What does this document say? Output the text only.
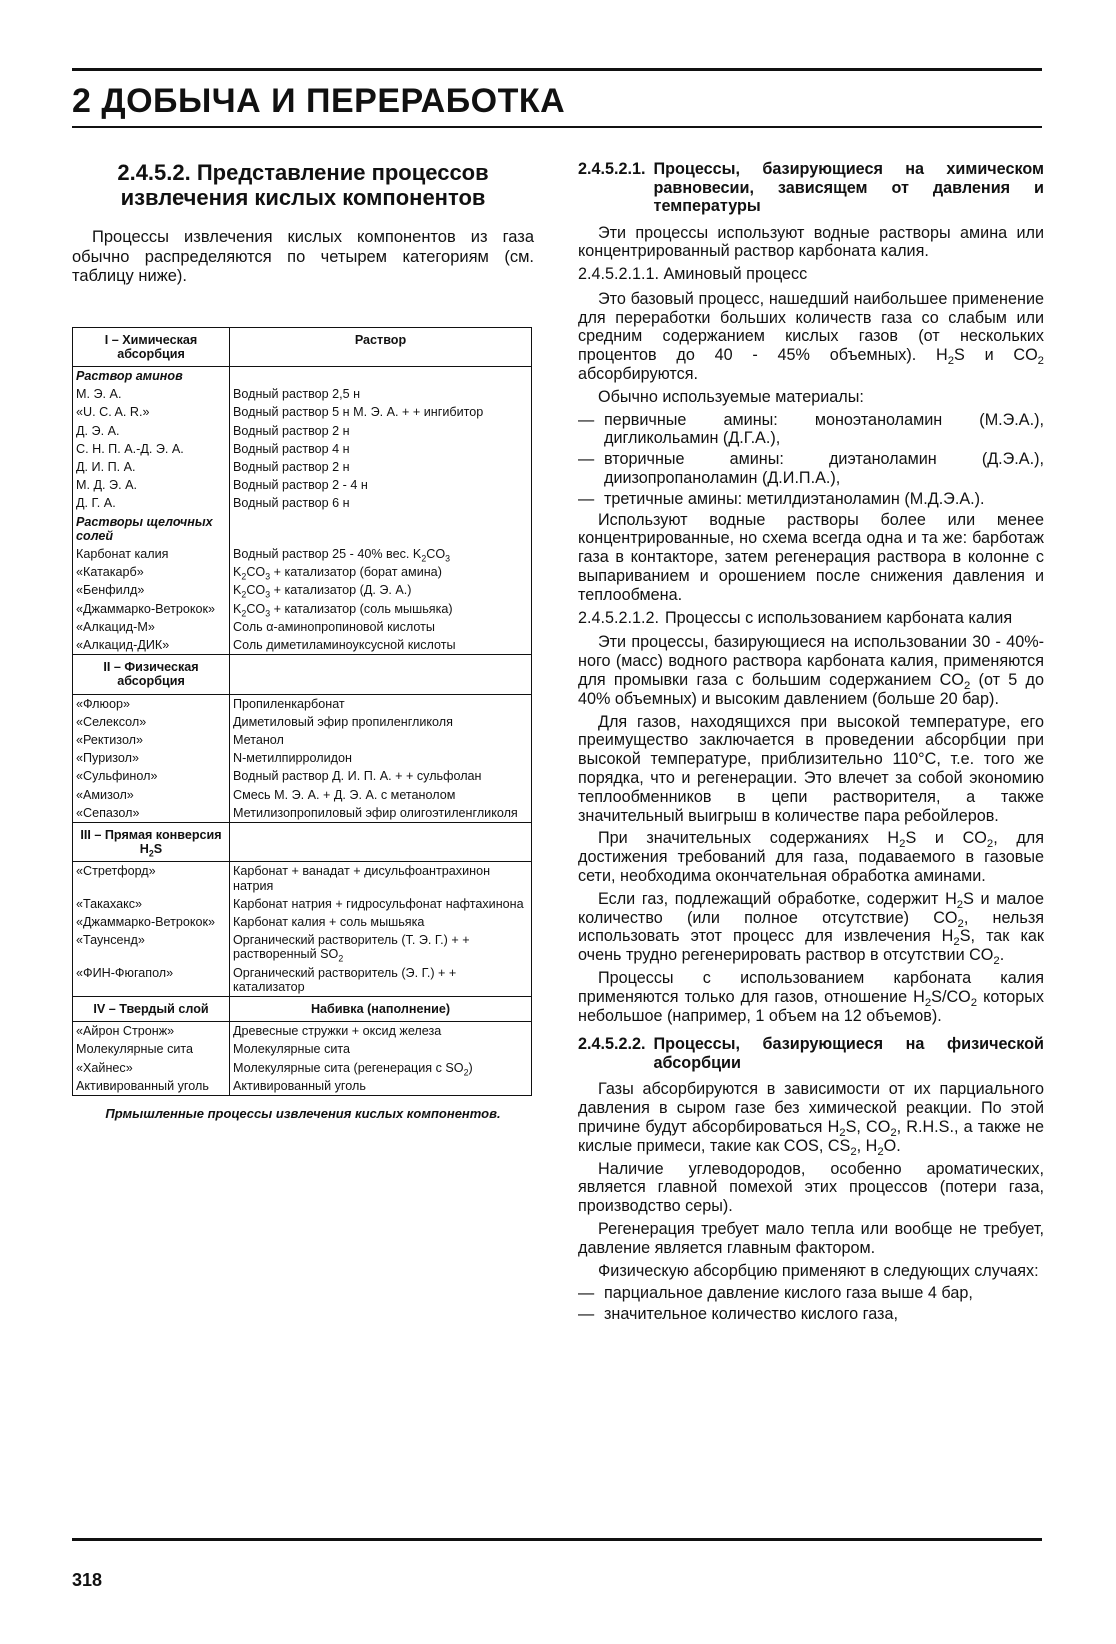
2 ДОБЫЧА И ПЕРЕРАБОТКА
2.4.5.2. Представление процессов извлечения кислых компонентов
Процессы извлечения кислых компонентов из газа обычно распределяются по четырем категориям (см. таблицу ниже).
I – Химическая абсорбция	Раствор
Раствор аминов	
М. Э. А.	Водный раствор 2,5 н
«U. C. A. R.»	Водный раствор 5 н М. Э. А. + + ингибитор
Д. Э. А.	Водный раствор 2 н
С. Н. П. А.-Д. Э. А.	Водный раствор 4 н
Д. И. П. А.	Водный раствор 2 н
М. Д. Э. А.	Водный раствор 2 - 4 н
Д. Г. А.	Водный раствор 6 н
Растворы щелочных солей	
Карбонат калия	Водный раствор 25 - 40% вес. $K_2CO_3$
«Катакарб»	$K_2CO_3$ + катализатор (борат амина)
«Бенфилд»	$K_2CO_3$ + катализатор (Д. Э. А.)
«Джаммарко-Ветрокок»	$K_2CO_3$ + катализатор (соль мышьяка)
«Алкацид-М»	Соль α-аминопропиновой кислоты
«Алкацид-ДИК»	Соль диметиламиноуксусной кислоты
II – Физическая абсорбция	
«Флюор»	Пропиленкарбонат
«Селексол»	Диметиловый эфир пропиленгликоля
«Ректизол»	Метанол
«Пуризол»	N-метилпирролидон
«Сульфинол»	Водный раствор Д. И. П. А. + + сульфолан
«Амизол»	Смесь М. Э. А. + Д. Э. А. с метанолом
«Сепазол»	Метилизопропиловый эфир олигоэтиленгликоля
III – Прямая конверсия $H_2S$	
«Стретфорд»	Карбонат + ванадат + дисульфоантрахинон натрия
«Такахакс»	Карбонат натрия + гидросульфонат нафтахинона
«Джаммарко-Ветрокок»	Карбонат калия + соль мышьяка
«Таунсенд»	Органический растворитель (Т. Э. Г.) + + растворенный $SO_2$
«ФИН-Фюгапол»	Органический растворитель (Э. Г.) + + катализатор
IV – Твердый слой	Набивка (наполнение)
«Айрон Стронж»	Древесные стружки + оксид железа
Молекулярные сита	Молекулярные сита
«Хайнес»	Молекулярные сита (регенерация с $SO_2$)
Активированный уголь	Активированный уголь
Прмышленные процессы извлечения кислых компонентов.
2.4.5.2.1. Процессы, базирующиеся на химическом равновесии, зависящем от давления и температуры
Эти процессы используют водные растворы амина или концентрированный раствор карбоната калия.
2.4.5.2.1.1. Аминовый процесс
Это базовый процесс, нашедший наибольшее применение для переработки больших количеств газа со слабым или средним содержанием кислых газов (от нескольких процентов до 40 - 45% объемных). $H_2S$ и $CO_2$ абсорбируются.
Обычно используемые материалы:
— первичные амины: моноэтаноламин (М.Э.А.), дигликольамин (Д.Г.А.),
— вторичные амины: диэтаноламин (Д.Э.А.), диизопропаноламин (Д.И.П.А.),
— третичные амины: метилдиэтаноламин (М.Д.Э.А.).
Используют водные растворы более или менее концентрированные, но схема всегда одна и та же: барботаж газа в контакторе, затем регенерация раствора в колонне с выпариванием и орошением после снижения давления и теплообмена.
2.4.5.2.1.2. Процессы с использованием карбоната калия
Эти процессы, базирующиеся на использовании 30 - 40%-ного (масс) водного раствора карбоната калия, применяются для промывки газа с большим содержанием $CO_2$ (от 5 до 40% объемных) и высоким давлением (больше 20 бар).
Для газов, находящихся при высокой температуре, его преимущество заключается в проведении абсорбции при высокой температуре, приблизительно 110°C, т.е. того же порядка, что и регенерации. Это влечет за собой экономию теплообменников в цепи растворителя, а также значительный выигрыш в количестве пара ребойлеров.
При значительных содержаниях $H_2S$ и $CO_2$, для достижения требований для газа, подаваемого в газовые сети, необходима окончательная обработка аминами.
Если газ, подлежащий обработке, содержит $H_2S$ и малое количество (или полное отсутствие) $CO_2$, нельзя использовать этот процесс для извлечения $H_2S$, так как очень трудно регенерировать раствор в отсутствии $CO_2$.
Процессы с использованием карбоната калия применяются только для газов, отношение $H_2S/CO_2$ которых небольшое (например, 1 объем на 12 объемов).
2.4.5.2.2. Процессы, базирующиеся на физической абсорбции
Газы абсорбируются в зависимости от их парциального давления в сыром газе без химической реакции. По этой причине будут абсорбироваться $H_2S$, $CO_2$, R.H.S., а также не кислые примеси, такие как COS, $CS_2$, $H_2O$.
Наличие углеводородов, особенно ароматических, является главной помехой этих процессов (потери газа, производство серы).
Регенерация требует мало тепла или вообще не требует, давление является главным фактором.
Физическую абсорбцию применяют в следующих случаях:
— парциальное давление кислого газа выше 4 бар,
— значительное количество кислого газа,
318
